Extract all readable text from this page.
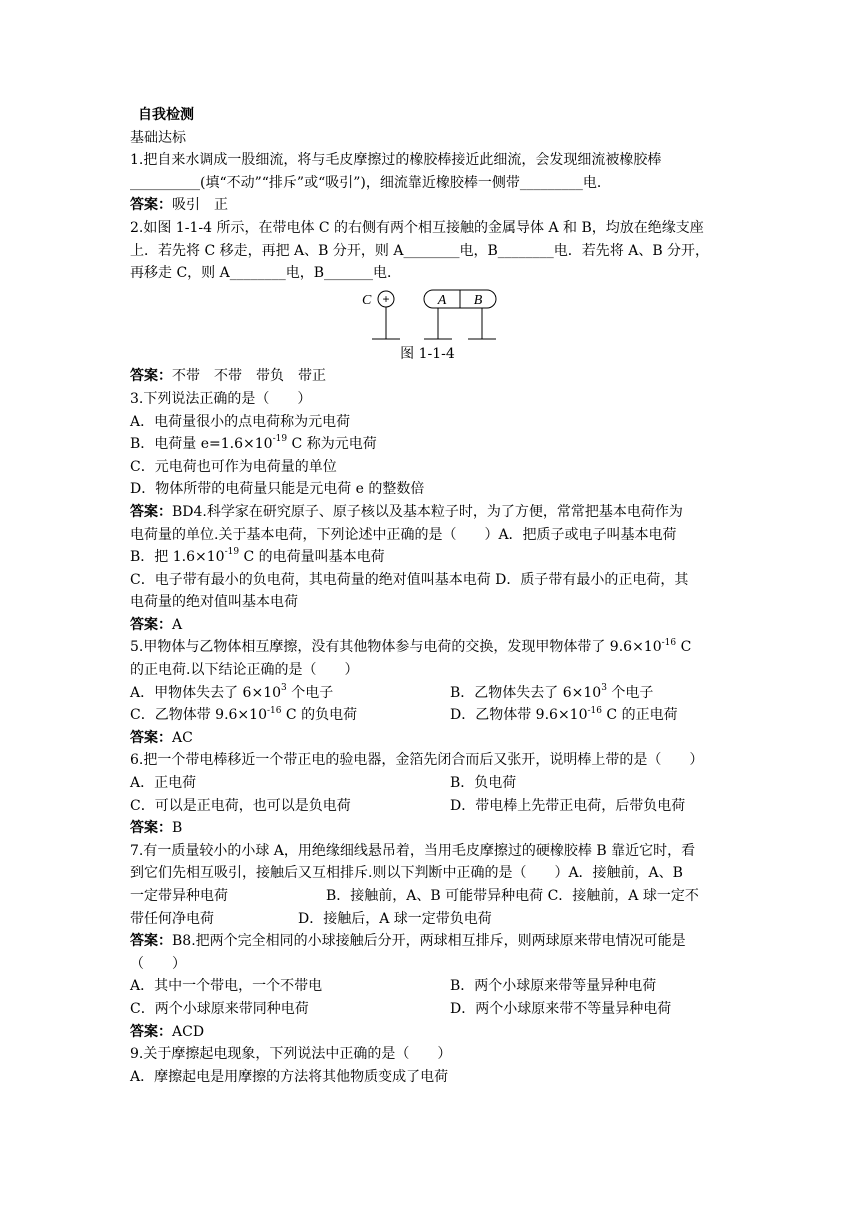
自我检测
基础达标
1.把自来水调成一股细流，将与毛皮摩擦过的橡胶棒接近此细流，会发现细流被橡胶棒
__________(填“不动”“排斥”或“吸引”)，细流靠近橡胶棒一侧带_________电．
答案：吸引　正
2.如图 1-1-4 所示，在带电体 C 的右侧有两个相互接触的金属导体 A 和 B，均放在绝缘支座
上．若先将 C 移走，再把 A、B 分开，则 A________电，B________电．若先将 A、B 分开，
再移走 C，则 A________电，B_______电．
C +	A B
图 1-1-4
答案：不带　不带　带负　带正
3.下列说法正确的是（　　）
A．电荷量很小的点电荷称为元电荷
B．电荷量 $e=1.6\times 10^{-19}$ C 称为元电荷
C．元电荷也可作为电荷量的单位
D．物体所带的电荷量只能是元电荷 e 的整数倍
答案：BD4.科学家在研究原子、原子核以及基本粒子时，为了方便，常常把基本电荷作为
电荷量的单位.关于基本电荷，下列论述中正确的是（　　）A．把质子或电子叫基本电荷
B．把 $1.6\times 10^{-19}$ C 的电荷量叫基本电荷
C．电子带有最小的负电荷，其电荷量的绝对值叫基本电荷 D．质子带有最小的正电荷，其
电荷量的绝对值叫基本电荷
答案：A
5.甲物体与乙物体相互摩擦，没有其他物体参与电荷的交换，发现甲物体带了 $9.6\times 10^{-16}$ C
的正电荷.以下结论正确的是（　　）
A．甲物体失去了 $6\times 10^3$ 个电子	B．乙物体失去了 $6\times 10^3$ 个电子
C．乙物体带 $9.6\times 10^{-16}$ C 的负电荷	D．乙物体带 $9.6\times 10^{-16}$ C 的正电荷
答案：AC
6.把一个带电棒移近一个带正电的验电器，金箔先闭合而后又张开，说明棒上带的是（　　）
A．正电荷	B．负电荷
C．可以是正电荷，也可以是负电荷	D．带电棒上先带正电荷，后带负电荷
答案：B
7.有一质量较小的小球 A，用绝缘细线悬吊着，当用毛皮摩擦过的硬橡胶棒 B 靠近它时，看
到它们先相互吸引，接触后又互相排斥.则以下判断中正确的是（　　）A．接触前，A、B
一定带异种电荷　　　　　　　B．接触前，A、B 可能带异种电荷 C．接触前，A 球一定不
带任何净电荷　　　　　　D．接触后，A 球一定带负电荷
答案：B8.把两个完全相同的小球接触后分开，两球相互排斥，则两球原来带电情况可能是
（　　）
A．其中一个带电，一个不带电	B．两个小球原来带等量异种电荷
C．两个小球原来带同种电荷	D．两个小球原来带不等量异种电荷
答案：ACD
9.关于摩擦起电现象，下列说法中正确的是（　　）
A．摩擦起电是用摩擦的方法将其他物质变成了电荷
